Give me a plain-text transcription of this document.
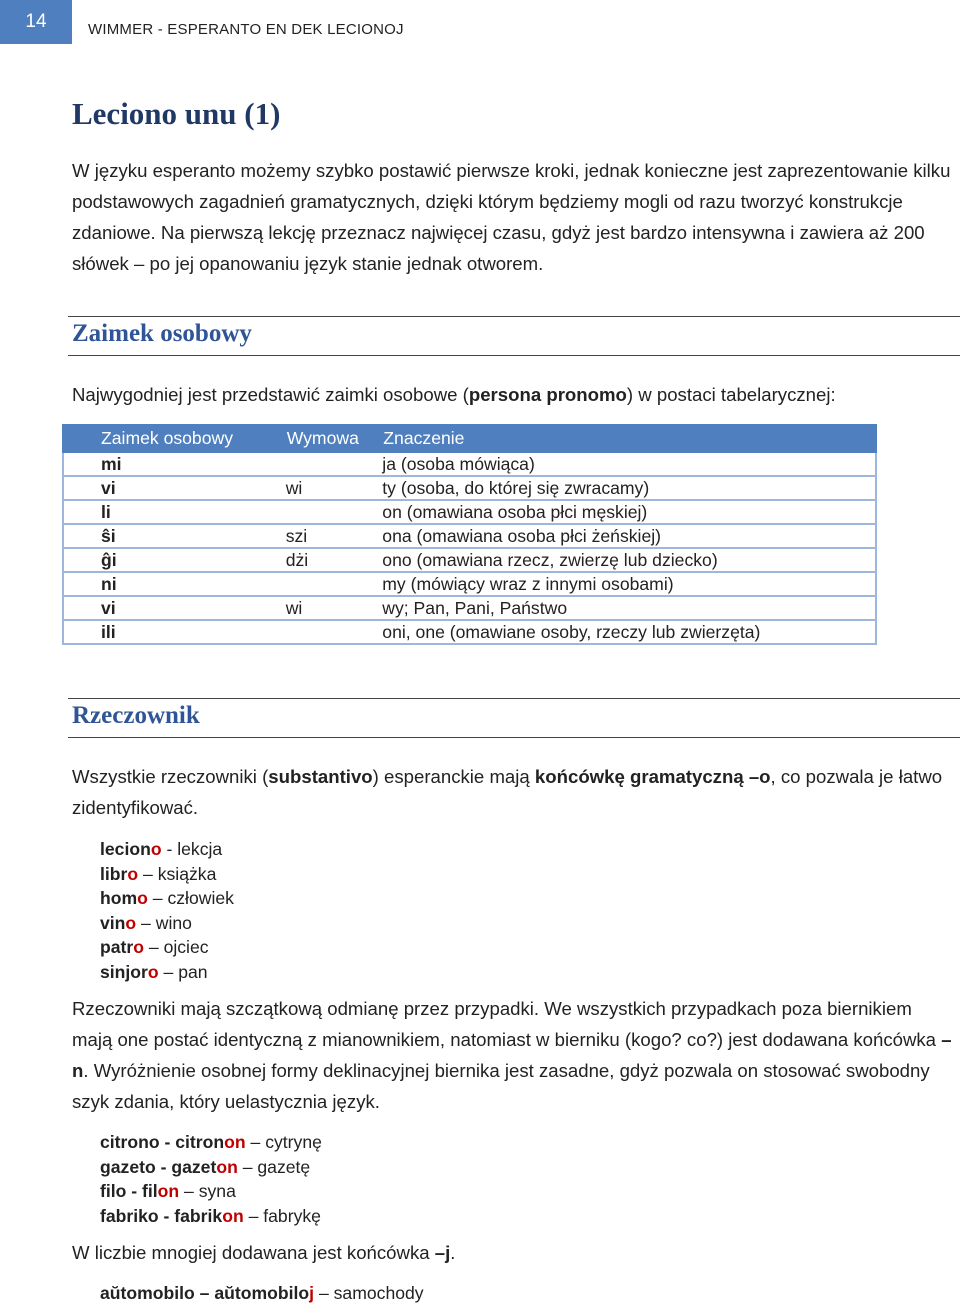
14	WIMMER - ESPERANTO EN DEK LECIONOJ
Leciono unu (1)
W języku esperanto możemy szybko postawić pierwsze kroki, jednak konieczne jest zaprezentowanie kilku podstawowych zagadnień gramatycznych, dzięki którym będziemy mogli od razu tworzyć konstrukcje zdaniowe. Na pierwszą lekcję przeznacz najwięcej czasu, gdyż jest bardzo intensywna i zawiera aż 200 słówek – po jej opanowaniu język stanie jednak otworem.
Zaimek osobowy
Najwygodniej jest przedstawić zaimki osobowe (persona pronomo) w postaci tabelarycznej:
Zaimek osobowy	Wymowa	Znaczenie
mi		ja (osoba mówiąca)
vi	wi	ty (osoba, do której się zwracamy)
li		on (omawiana osoba płci męskiej)
ŝi	szi	ona (omawiana osoba płci żeńskiej)
ĝi	dżi	ono (omawiana rzecz, zwierzę lub dziecko)
ni		my (mówiący wraz z innymi osobami)
vi	wi	wy; Pan, Pani, Państwo
ili		oni, one (omawiane osoby, rzeczy lub zwierzęta)
Rzeczownik
Wszystkie rzeczowniki (substantivo) esperanckie mają końcówkę gramatyczną –o, co pozwala je łatwo zidentyfikować.
leciono - lekcja
libro – książka
homo – człowiek
vino – wino
patro – ojciec
sinjoro – pan
Rzeczowniki mają szczątkową odmianę przez przypadki. We wszystkich przypadkach poza biernikiem mają one postać identyczną z mianownikiem, natomiast w bierniku (kogo? co?) jest dodawana końcówka –n. Wyróżnienie osobnej formy deklinacyjnej biernika jest zasadne, gdyż pozwala on stosować swobodny szyk zdania, który uelastycznia język.
citrono - citronon – cytrynę
gazeto - gazeton – gazetę
filo - filon – syna
fabriko - fabrikon – fabrykę
W liczbie mnogiej dodawana jest końcówka –j.
aŭtomobilo – aŭtomobiloj – samochody
